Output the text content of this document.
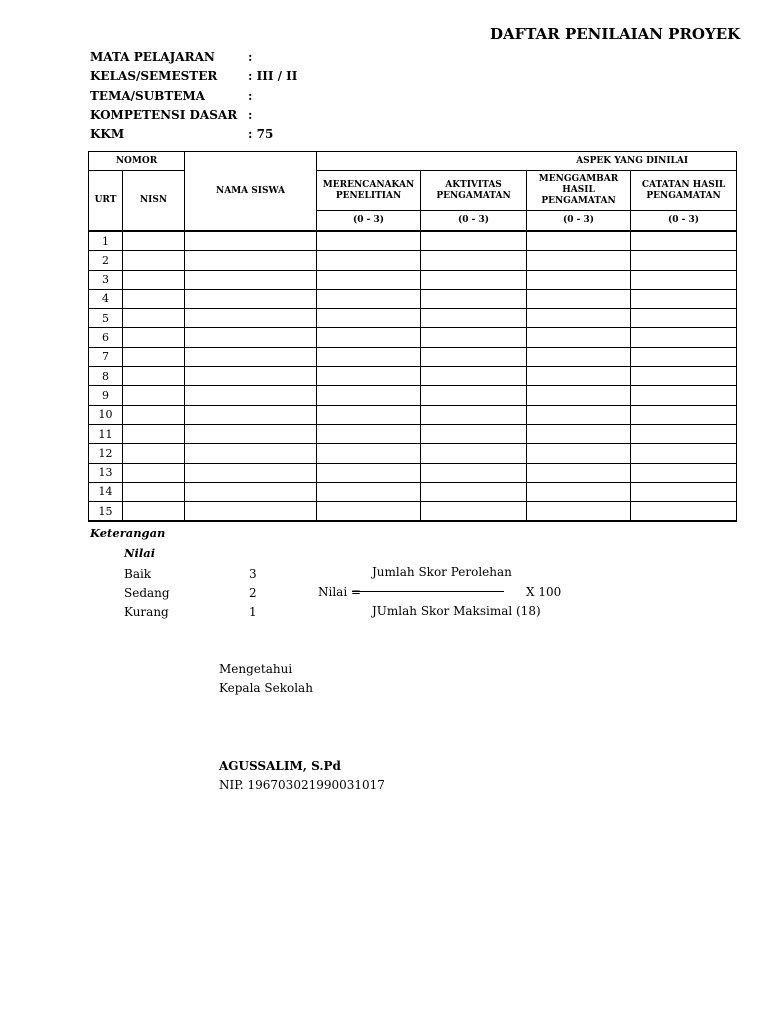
DAFTAR PENILAIAN PROYEK
MATA PELAJARAN	:
KELAS/SEMESTER	: III / II
TEMA/SUBTEMA	:
KOMPETENSI DASAR :
KKM	: 75
NOMOR		NAMA SISWA	ASPEK YANG DINILAI			
URT	NISN		MERENCANAKAN PENELITIAN	AKTIVITAS PENGAMATAN	MENGGAMBAR HASIL PENGAMATAN	CATATAN HASIL PENGAMATAN
			(0 - 3)	(0 - 3)	(0 - 3)	(0 - 3)
1						
2						
3						
4						
5						
6						
7						
8						
9						
10						
11						
12						
13						
14						
15						
Keterangan
Nilai
Baik	3
Sedang	2
Kurang	1
Nilai =
Jumlah Skor Perolehan
JUmlah Skor Maksimal (18)
X 100
Mengetahui
Kepala Sekolah
AGUSSALIM, S.Pd
NIP. 196703021990031017
